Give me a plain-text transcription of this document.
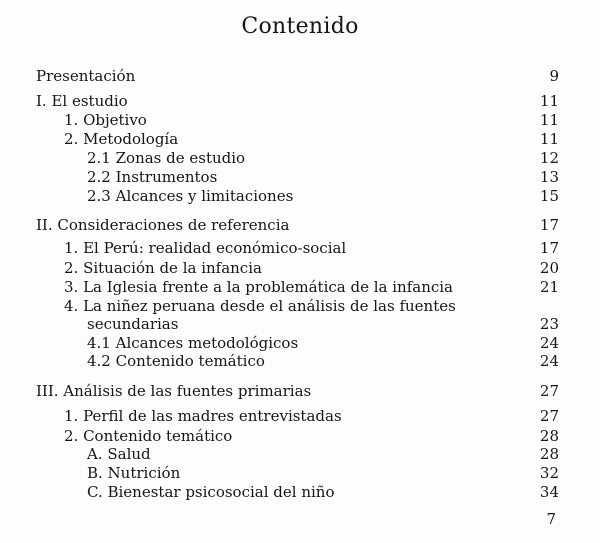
Contenido
Presentación	9
I. El estudio	11
1. Objetivo	11
2. Metodología	11
2.1 Zonas de estudio	12
2.2 Instrumentos	13
2.3 Alcances y limitaciones	15
II. Consideraciones de referencia	17
1. El Perú: realidad económico-social	17
2. Situación de la infancia	20
3. La Iglesia frente a la problemática de la infancia	21
4. La niñez peruana desde el análisis de las fuentes
secundarias	23
4.1 Alcances metodológicos	24
4.2 Contenido temático	24
III. Análisis de las fuentes primarias	27
1. Perfil de las madres entrevistadas	27
2. Contenido temático	28
A. Salud	28
B. Nutrición	32
C. Bienestar psicosocial del niño	34
7
